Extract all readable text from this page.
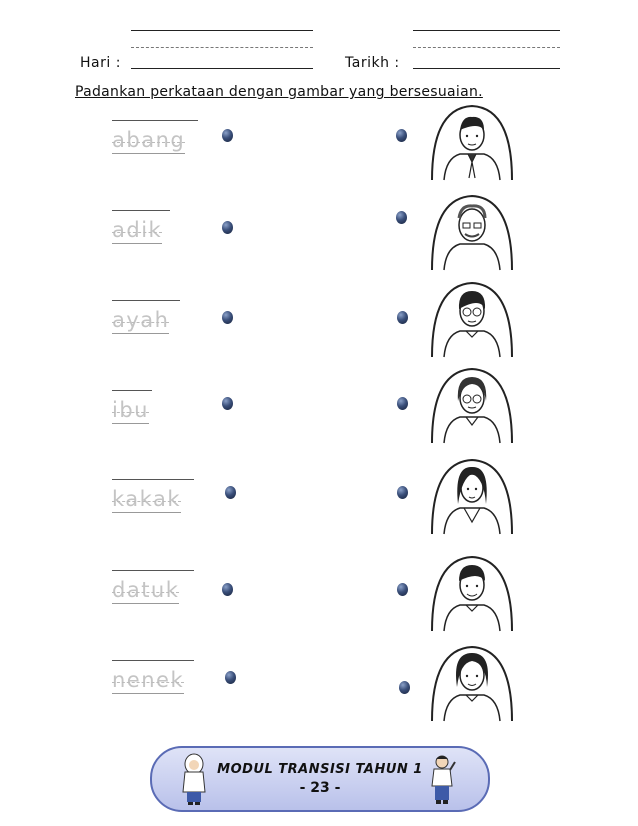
Hari :	Tarikh :
Padankan perkataan dengan gambar yang bersesuaian.
abang
adik
ayah
ibu
kakak
datuk
nenek
MODUL TRANSISI TAHUN 1
- 23 -
